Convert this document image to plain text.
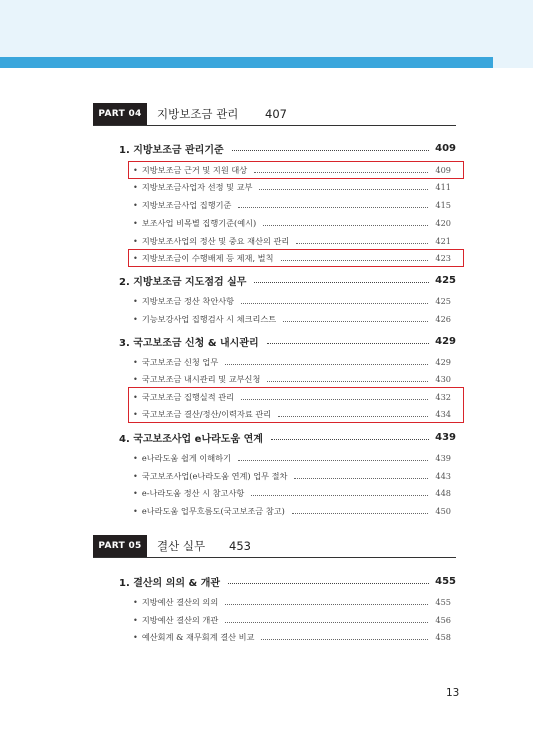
PART 04	지방보조금 관리 407
1. 지방보조금 관리기준	409
• 지방보조금 근거 및 지원 대상	409
• 지방보조금사업자 선정 및 교부	411
• 지방보조금사업 집행기준	415
• 보조사업 비목별 집행기준(예시)	420
• 지방보조사업의 정산 및 중요 재산의 관리	421
• 지방보조금이 수행배제 등 제재, 벌칙	423
2. 지방보조금 지도점검 실무	425
• 지방보조금 정산 착안사항	425
• 기능보강사업 집행검사 시 체크리스트	426
3. 국고보조금 신청 & 내시관리	429
• 국고보조금 신청 업무	429
• 국고보조금 내시관리 및 교부신청	430
• 국고보조금 집행실적 관리	432
• 국고보조금 결산/정산/이력자료 관리	434
4. 국고보조사업 e나라도움 연계	439
• e나라도움 쉽게 이해하기	439
• 국고보조사업(e나라도움 연계) 업무 절차	443
• e-나라도움 정산 시 참고사항	448
• e나라도움 업무흐름도(국고보조금 참고)	450
PART 05	결산 실무 453
1. 결산의 의의 & 개관	455
• 지방예산 결산의 의의	455
• 지방예산 결산의 개관	456
• 예산회계 & 재무회계 결산 비교	458
13
